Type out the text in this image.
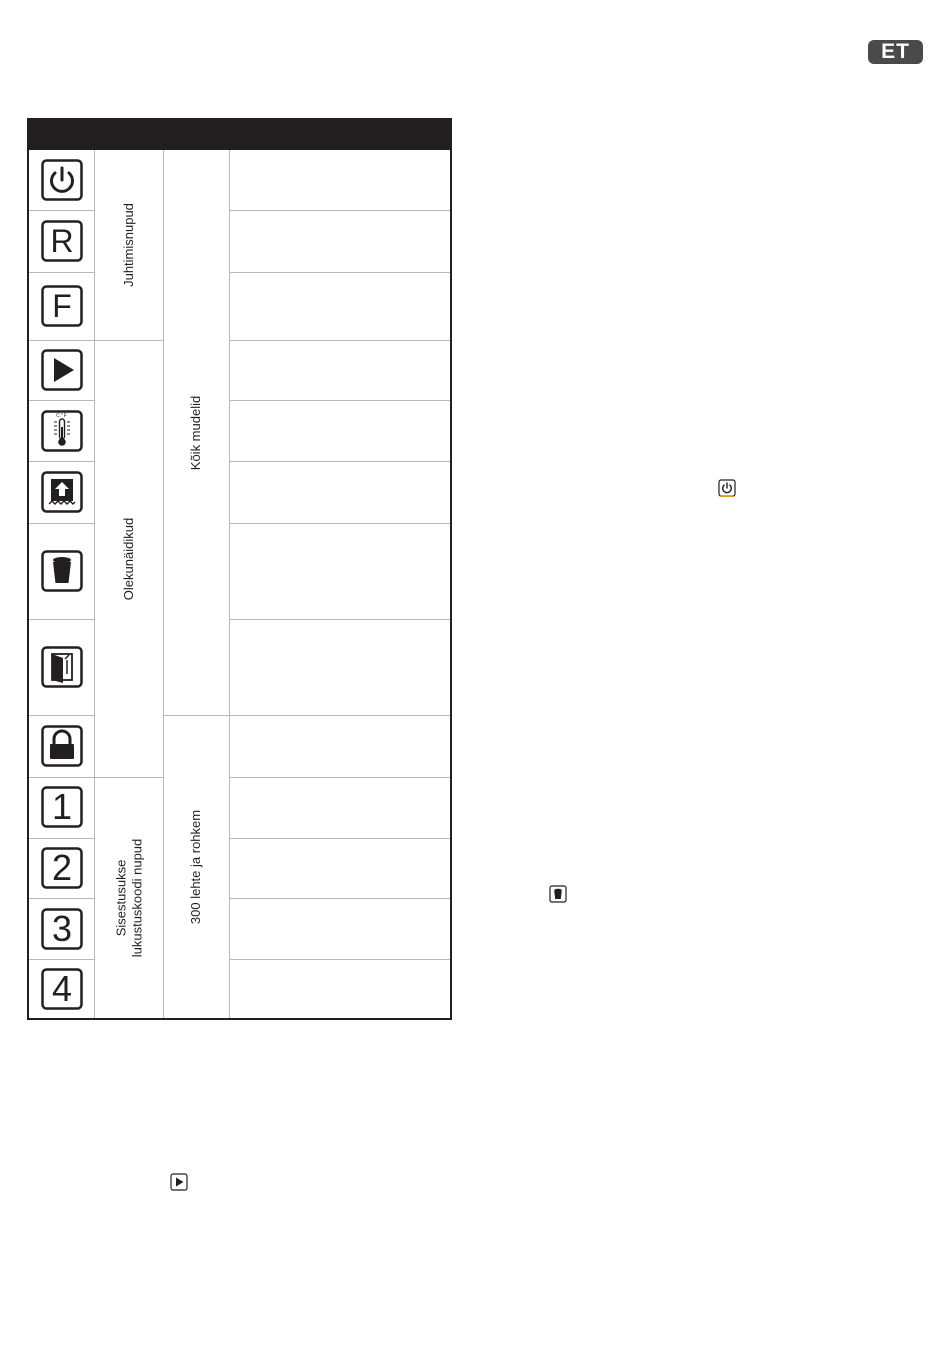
ET
Juhtimisnupud
Olekunäidikud
Sisestusukse lukustuskoodi nupud
Kõik mudelid
300 lehte ja rohkem
R
F
C°F
1
2
3
4
